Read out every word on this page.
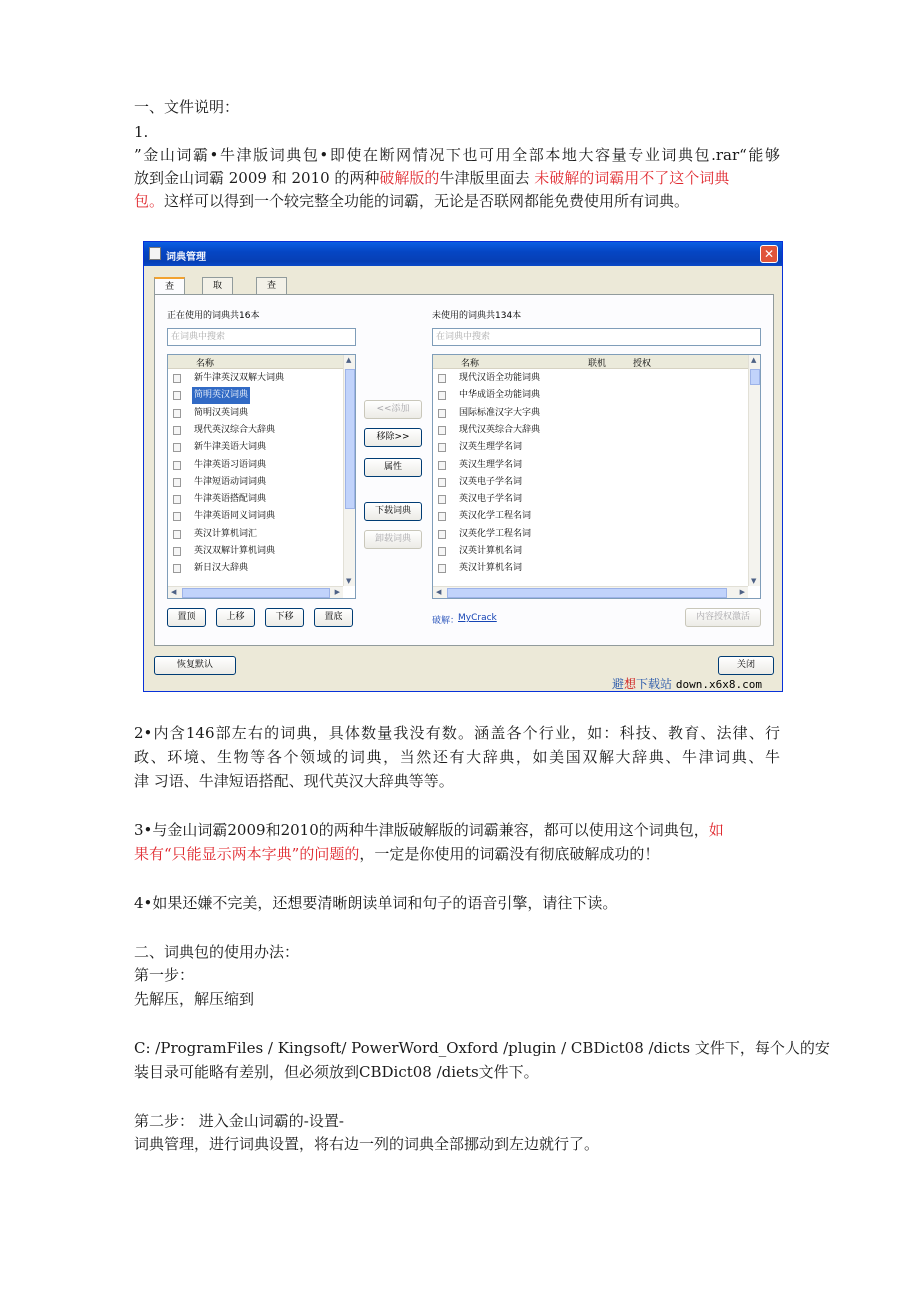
一、文件说明：
1.
”金山词霸•牛津版词典包•即使在断网情况下也可用全部本地大容量专业词典包.rar“能够
放到金山词霸 2009 和 2010 的两种破解版的牛津版里面去 未破解的词霸用不了这个词典
包。这样可以得到一个较完整全功能的词霸，无论是否联网都能免费使用所有词典。
词典管理	✕
查	取	查
正在使用的词典共16本	未使用的词典共134本
在词典中搜索	在词典中搜索
名称
新牛津英汉双解大词典
简明英汉词典
简明汉英词典
现代英汉综合大辞典
新牛津美语大词典
牛津英语习语词典
牛津短语动词词典
牛津英语搭配词典
牛津英语同义词词典
英汉计算机词汇
英汉双解计算机词典
新日汉大辞典
▲
▼
◀	▶
<<添加
移除>>
属性
下载词典
卸载词典
名称	联机	授权
现代汉语全功能词典
中华成语全功能词典
国际标准汉字大字典
现代汉英综合大辞典
汉英生理学名词
英汉生理学名词
汉英电子学名词
英汉电子学名词
英汉化学工程名词
汉英化学工程名词
汉英计算机名词
英汉计算机名词
▲
▼
◀	▶
置顶	上移	下移	置底	破解：
MyCrack	内容授权激活
恢复默认	关闭
避想下载站 down.x6x8.com
2•内含146部左右的词典，具体数量我没有数。涵盖各个行业，如：科技、教育、法律、行
政、环境、生物等各个领域的词典，当然还有大辞典，如美国双解大辞典、牛津词典、牛
津 习语、牛津短语搭配、现代英汉大辞典等等。
3•与金山词霸2009和2010的两种牛津版破解版的词霸兼容，都可以使用这个词典包，如
果有“只能显示两本字典”的问题的，一定是你使用的词霸没有彻底破解成功的！
4•如果还嫌不完美，还想要清晰朗读单词和句子的语音引擎，请往下读。
二、词典包的使用办法：
第一步：
先解压，解压缩到
C: /ProgramFiles / Kingsoft/ PowerWord_Oxford /plugin / CBDict08 /dicts 文件下，每个人的安
装目录可能略有差别，但必须放到CBDict08 /diets文件下。
第二步： 进入金山词霸的-设置-
词典管理，进行词典设置，将右边一列的词典全部挪动到左边就行了。
